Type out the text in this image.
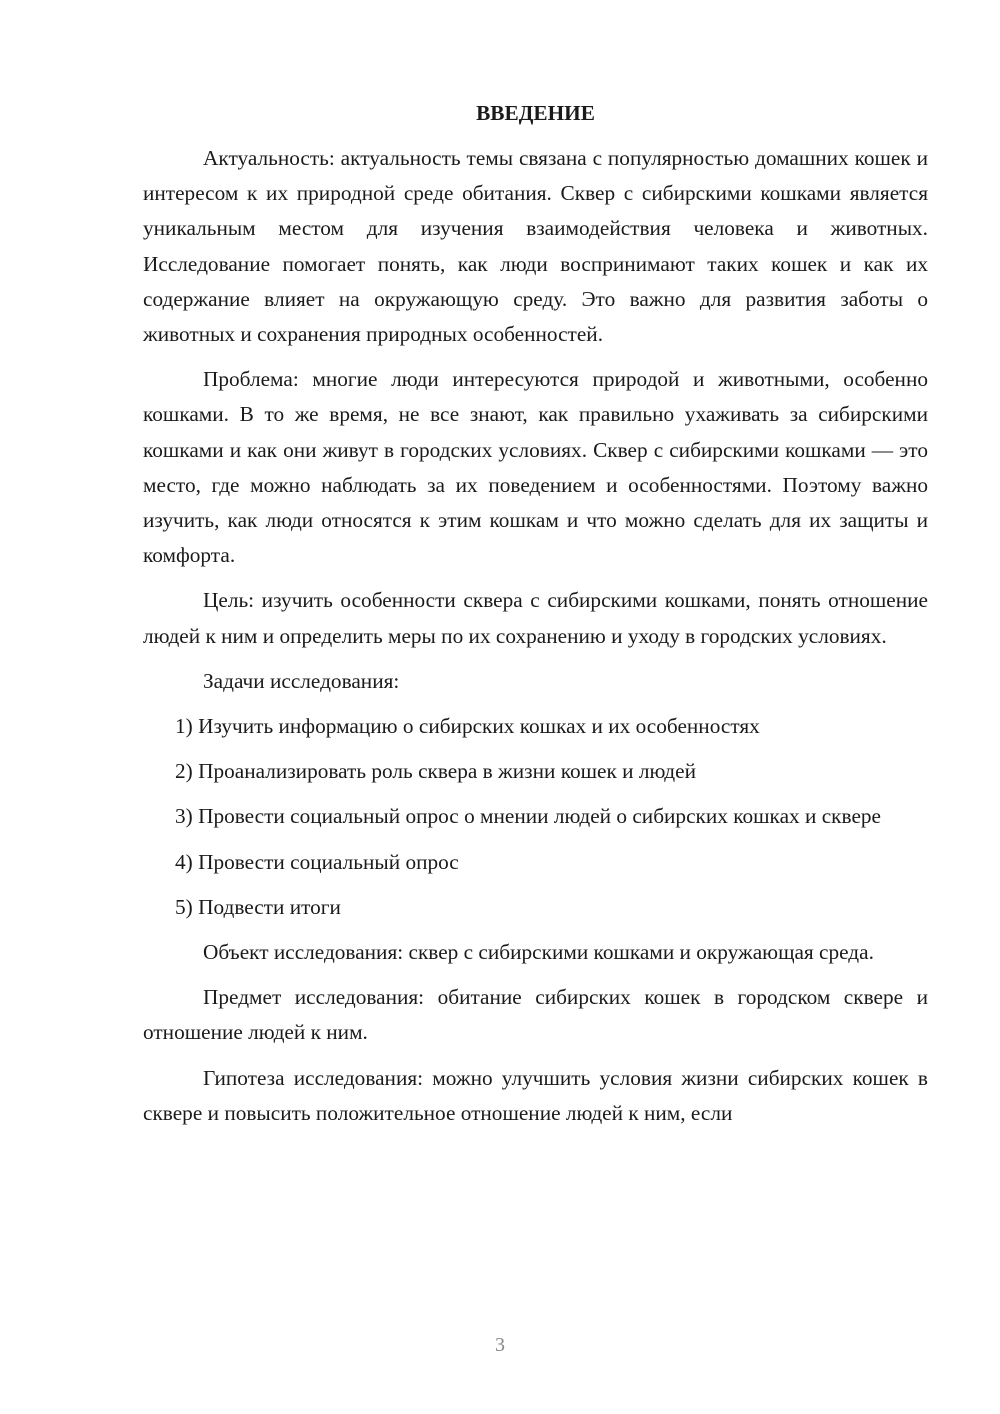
ВВЕДЕНИЕ

Актуальность: актуальность темы связана с популярностью домашних кошек и интересом к их природной среде обитания. Сквер с сибирскими кошками является уникальным местом для изучения взаимодействия человека и животных. Исследование помогает понять, как люди воспринимают таких кошек и как их содержание влияет на окружающую среду. Это важно для развития заботы о животных и сохранения природных особенностей.

Проблема: многие люди интересуются природой и животными, особенно кошками. В то же время, не все знают, как правильно ухаживать за сибирскими кошками и как они живут в городских условиях. Сквер с сибирскими кошками — это место, где можно наблюдать за их поведением и особенностями. Поэтому важно изучить, как люди относятся к этим кошкам и что можно сделать для их защиты и комфорта.

Цель: изучить особенности сквера с сибирскими кошками, понять отношение людей к ним и определить меры по их сохранению и уходу в городских условиях.

Задачи исследования:

1) Изучить информацию о сибирских кошках и их особенностях

2) Проанализировать роль сквера в жизни кошек и людей

3) Провести социальный опрос о мнении людей о сибирских кошках и сквере

4) Провести социальный опрос

5) Подвести итоги

Объект исследования: сквер с сибирскими кошками и окружающая среда.

Предмет исследования: обитание сибирских кошек в городском сквере и отношение людей к ним.

Гипотеза исследования: можно улучшить условия жизни сибирских кошек в сквере и повысить положительное отношение людей к ним, если

3
